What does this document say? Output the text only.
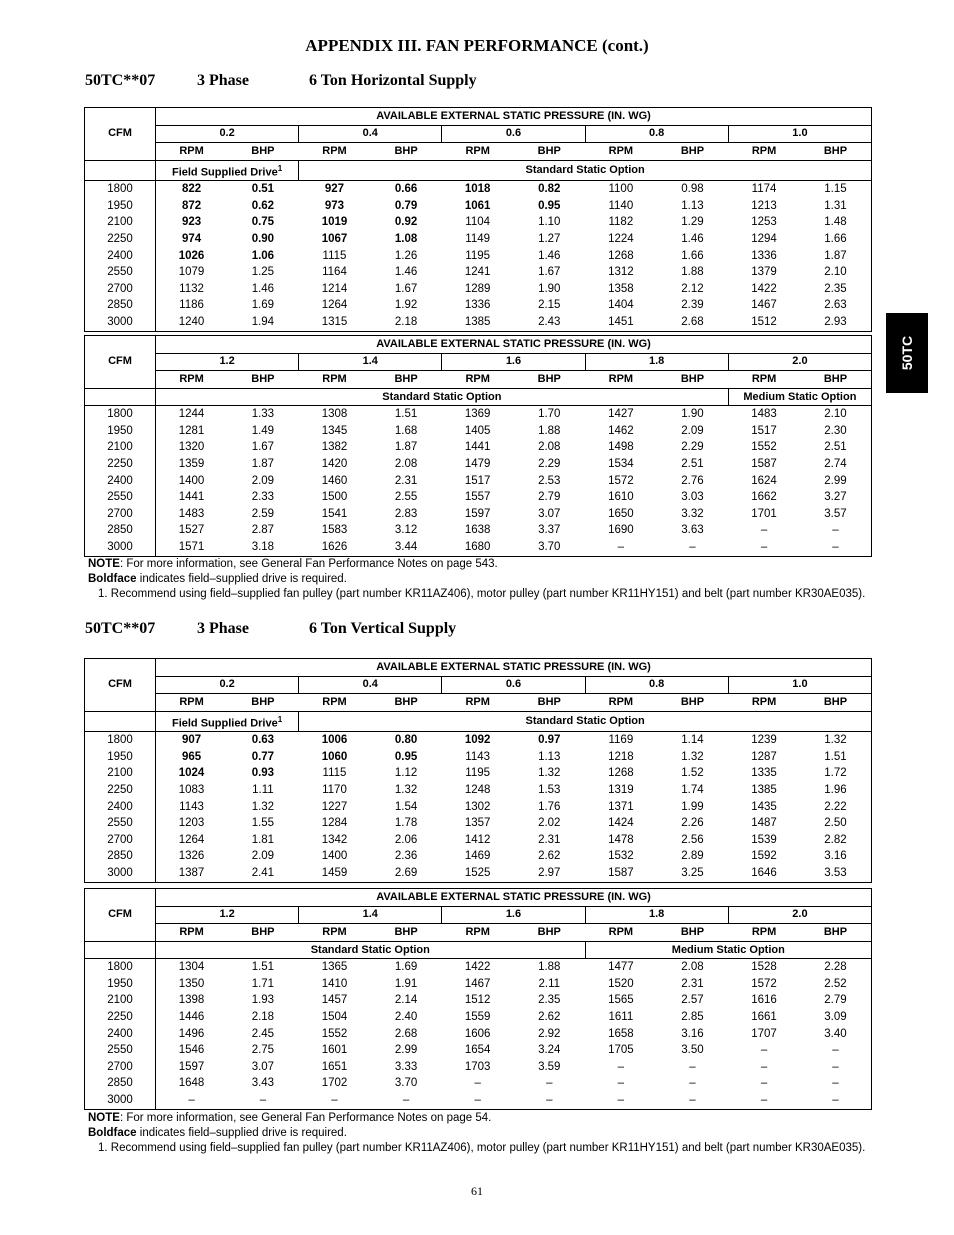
APPENDIX III. FAN PERFORMANCE (cont.)
50TC
50TC**07	3 Phase	6 Ton Horizontal Supply
CFM	AVAILABLE EXTERNAL STATIC PRESSURE (IN. WG)									
	0.2		0.4		0.6		0.8		1.0	
	RPM	BHP	RPM	BHP	RPM	BHP	RPM	BHP	RPM	BHP
	Field Supplied Drive$^1$		Standard Static Option							
1800	822	0.51	927	0.66	1018	0.82	1100	0.98	1174	1.15
1950	872	0.62	973	0.79	1061	0.95	1140	1.13	1213	1.31
2100	923	0.75	1019	0.92	1104	1.10	1182	1.29	1253	1.48
2250	974	0.90	1067	1.08	1149	1.27	1224	1.46	1294	1.66
2400	1026	1.06	1115	1.26	1195	1.46	1268	1.66	1336	1.87
2550	1079	1.25	1164	1.46	1241	1.67	1312	1.88	1379	2.10
2700	1132	1.46	1214	1.67	1289	1.90	1358	2.12	1422	2.35
2850	1186	1.69	1264	1.92	1336	2.15	1404	2.39	1467	2.63
3000	1240	1.94	1315	2.18	1385	2.43	1451	2.68	1512	2.93
CFM	AVAILABLE EXTERNAL STATIC PRESSURE (IN. WG)									
	1.2		1.4		1.6		1.8		2.0	
	RPM	BHP	RPM	BHP	RPM	BHP	RPM	BHP	RPM	BHP
	Standard Static Option								Medium Static Option	
1800	1244	1.33	1308	1.51	1369	1.70	1427	1.90	1483	2.10
1950	1281	1.49	1345	1.68	1405	1.88	1462	2.09	1517	2.30
2100	1320	1.67	1382	1.87	1441	2.08	1498	2.29	1552	2.51
2250	1359	1.87	1420	2.08	1479	2.29	1534	2.51	1587	2.74
2400	1400	2.09	1460	2.31	1517	2.53	1572	2.76	1624	2.99
2550	1441	2.33	1500	2.55	1557	2.79	1610	3.03	1662	3.27
2700	1483	2.59	1541	2.83	1597	3.07	1650	3.32	1701	3.57
2850	1527	2.87	1583	3.12	1638	3.37	1690	3.63	–	–
3000	1571	3.18	1626	3.44	1680	3.70	–	–	–	–

NOTE: For more information, see General Fan Performance Notes on page 543.

Boldface indicates field–supplied drive is required.

1. Recommend using field–supplied fan pulley (part number KR11AZ406), motor pulley (part number KR11HY151) and belt (part number KR30AE035).

50TC**07	3 Phase	6 Ton Vertical Supply
CFM	AVAILABLE EXTERNAL STATIC PRESSURE (IN. WG)									
	0.2		0.4		0.6		0.8		1.0	
	RPM	BHP	RPM	BHP	RPM	BHP	RPM	BHP	RPM	BHP
	Field Supplied Drive$^1$		Standard Static Option							
1800	907	0.63	1006	0.80	1092	0.97	1169	1.14	1239	1.32
1950	965	0.77	1060	0.95	1143	1.13	1218	1.32	1287	1.51
2100	1024	0.93	1115	1.12	1195	1.32	1268	1.52	1335	1.72
2250	1083	1.11	1170	1.32	1248	1.53	1319	1.74	1385	1.96
2400	1143	1.32	1227	1.54	1302	1.76	1371	1.99	1435	2.22
2550	1203	1.55	1284	1.78	1357	2.02	1424	2.26	1487	2.50
2700	1264	1.81	1342	2.06	1412	2.31	1478	2.56	1539	2.82
2850	1326	2.09	1400	2.36	1469	2.62	1532	2.89	1592	3.16
3000	1387	2.41	1459	2.69	1525	2.97	1587	3.25	1646	3.53
CFM	AVAILABLE EXTERNAL STATIC PRESSURE (IN. WG)									
	1.2		1.4		1.6		1.8		2.0	
	RPM	BHP	RPM	BHP	RPM	BHP	RPM	BHP	RPM	BHP
	Standard Static Option						Medium Static Option			
1800	1304	1.51	1365	1.69	1422	1.88	1477	2.08	1528	2.28
1950	1350	1.71	1410	1.91	1467	2.11	1520	2.31	1572	2.52
2100	1398	1.93	1457	2.14	1512	2.35	1565	2.57	1616	2.79
2250	1446	2.18	1504	2.40	1559	2.62	1611	2.85	1661	3.09
2400	1496	2.45	1552	2.68	1606	2.92	1658	3.16	1707	3.40
2550	1546	2.75	1601	2.99	1654	3.24	1705	3.50	–	–
2700	1597	3.07	1651	3.33	1703	3.59	–	–	–	–
2850	1648	3.43	1702	3.70	–	–	–	–	–	–
3000	–	–	–	–	–	–	–	–	–	–

NOTE: For more information, see General Fan Performance Notes on page 54.

Boldface indicates field–supplied drive is required.

1. Recommend using field–supplied fan pulley (part number KR11AZ406), motor pulley (part number KR11HY151) and belt (part number KR30AE035).

61
